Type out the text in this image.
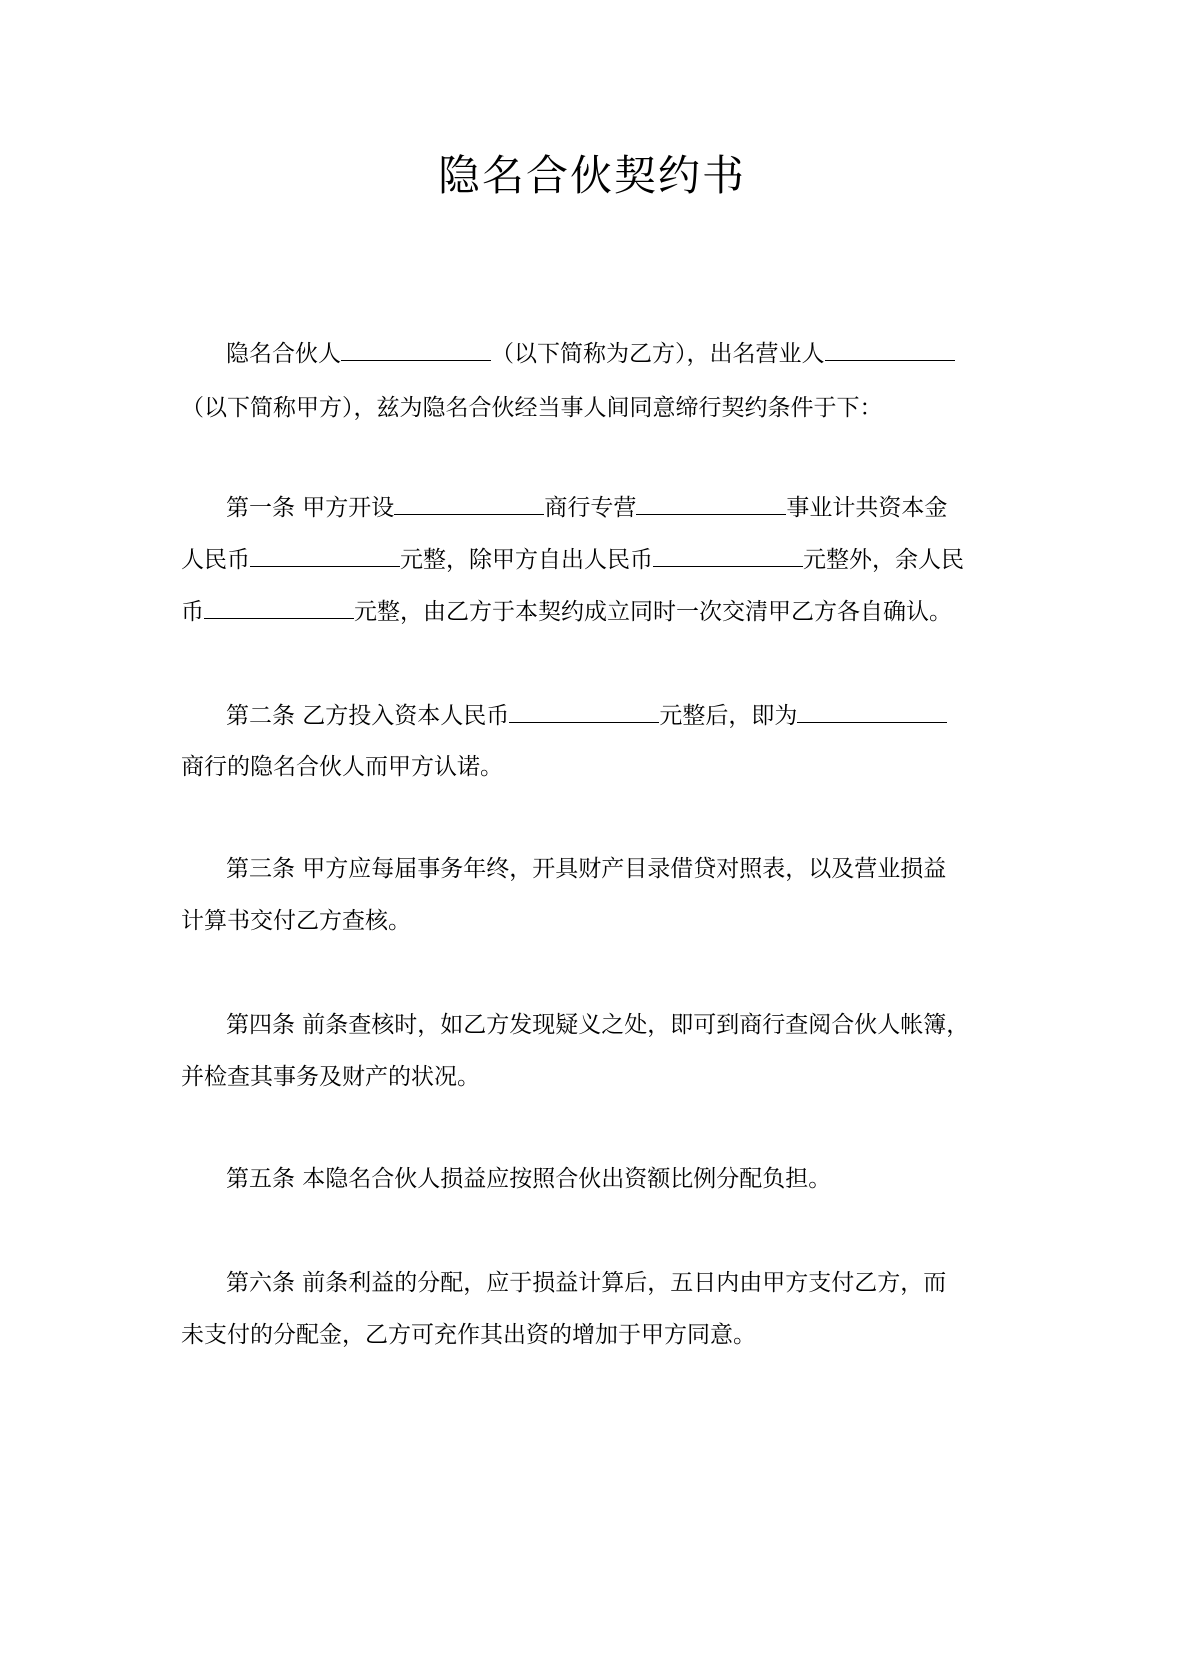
隐名合伙契约书
隐名合伙人	（以下简称为乙方），出名营业人
（以下简称甲方），兹为隐名合伙经当事人间同意缔行契约条件于下：
第一条 甲方开设	商行专营	事业计共资本金
人民币	元整，除甲方自出人民币	元整外，余人民
币	元整，由乙方于本契约成立同时一次交清甲乙方各自确认。
第二条 乙方投入资本人民币	元整后，即为
商行的隐名合伙人而甲方认诺。
第三条 甲方应每届事务年终，开具财产目录借贷对照表，以及营业损益
计算书交付乙方查核。
第四条 前条查核时，如乙方发现疑义之处，即可到商行查阅合伙人帐簿，
并检查其事务及财产的状况。
第五条 本隐名合伙人损益应按照合伙出资额比例分配负担。
第六条 前条利益的分配，应于损益计算后，五日内由甲方支付乙方，而
未支付的分配金，乙方可充作其出资的增加于甲方同意。
